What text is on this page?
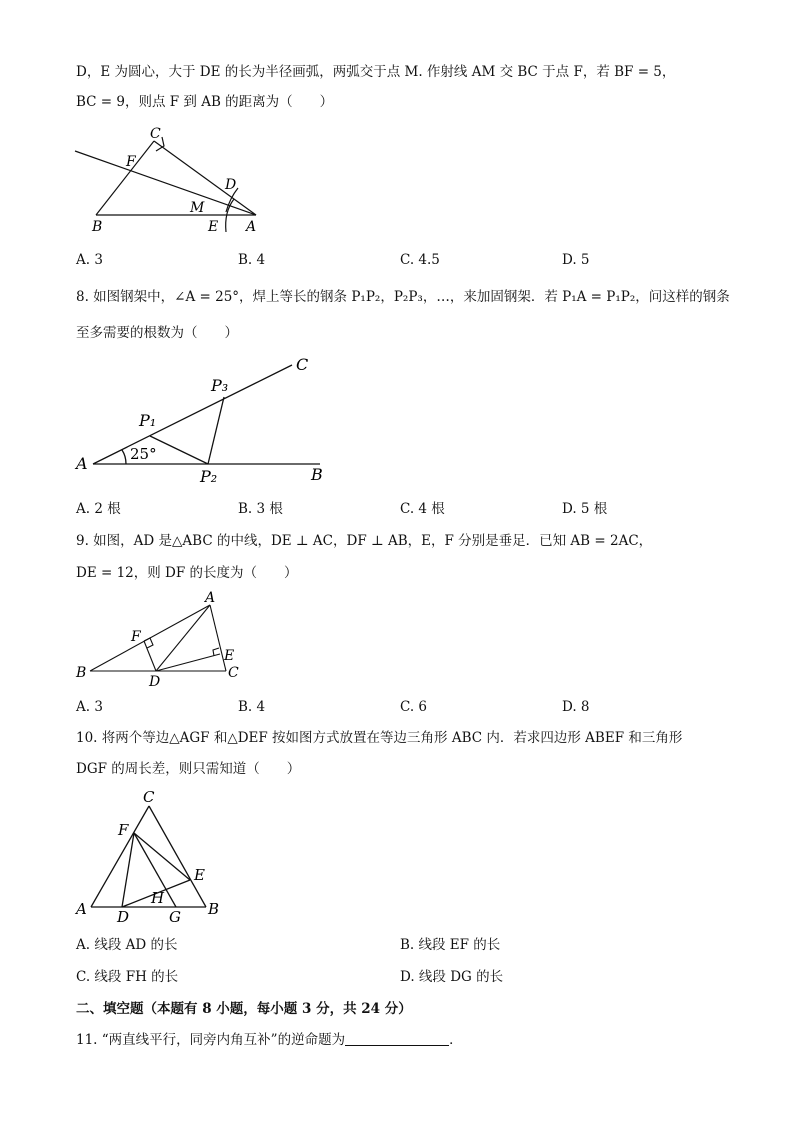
D，E 为圆心，大于 DE 的长为半径画弧，两弧交于点 M. 作射线 AM 交 BC 于点 F，若 BF = 5，
BC = 9，则点 F 到 AB 的距离为（　　）
C
F
D
M
B	E A
C
P₃
P₁
A	25°
P₂	B
A
F
E
B
D
C
C
F
E
A
H
B
D	G
A. 3	B. 4	C. 4.5	D. 5
8. 如图钢架中，∠A = 25°，焊上等长的钢条 P₁P₂，P₂P₃，…，来加固钢架．若 P₁A = P₁P₂，问这样的钢条
至多需要的根数为（　　）
A. 2 根	B. 3 根	C. 4 根	D. 5 根
9. 如图，AD 是△ABC 的中线，DE ⊥ AC，DF ⊥ AB，E，F 分别是垂足．已知 AB = 2AC，
DE = 12，则 DF 的长度为（　　）
A. 3	B. 4	C. 6	D. 8
10. 将两个等边△AGF 和△DEF 按如图方式放置在等边三角形 ABC 内．若求四边形 ABEF 和三角形
DGF 的周长差，则只需知道（　　）
A. 线段 AD 的长	B. 线段 EF 的长
C. 线段 FH 的长	D. 线段 DG 的长
二、填空题（本题有 8 小题，每小题 3 分，共 24 分）
11. “两直线平行，同旁内角互补”的逆命题为	．
